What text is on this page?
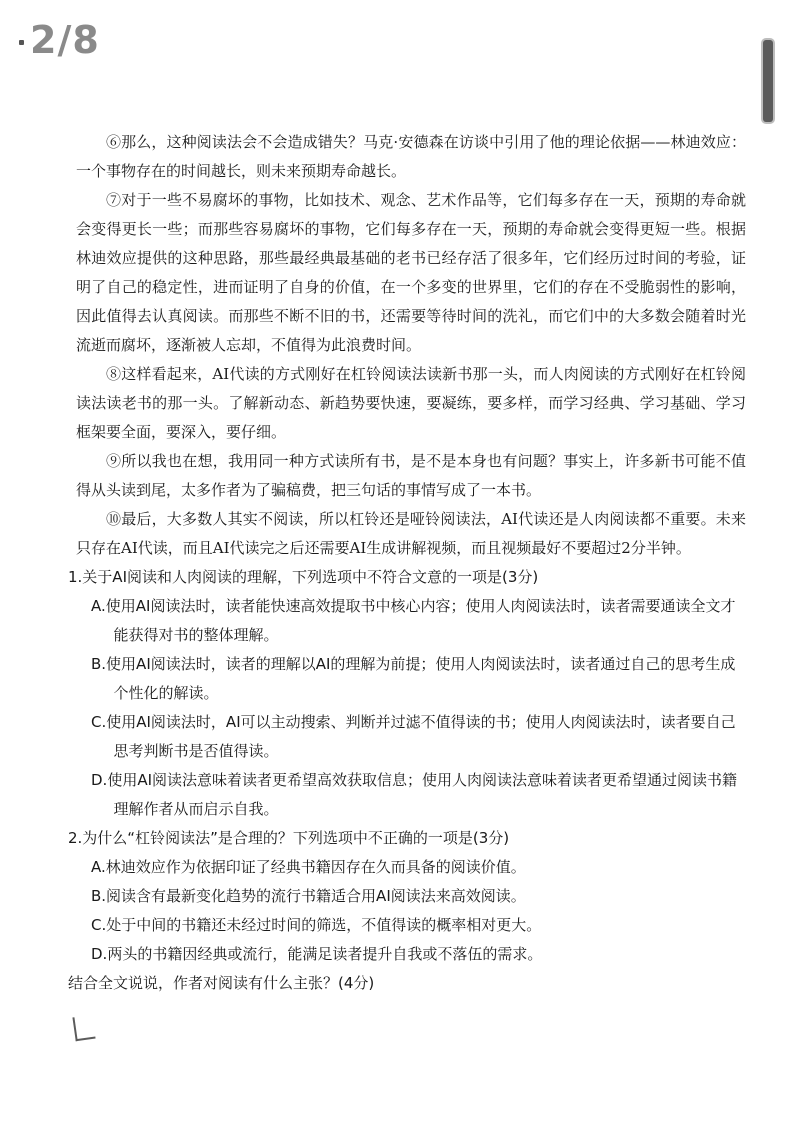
2/8

⑥那么，这种阅读法会不会造成错失？马克·安德森在访谈中引用了他的理论依据——林迪效应：一个事物存在的时间越长，则未来预期寿命越长。

⑦对于一些不易腐坏的事物，比如技术、观念、艺术作品等，它们每多存在一天，预期的寿命就会变得更长一些；而那些容易腐坏的事物，它们每多存在一天，预期的寿命就会变得更短一些。根据林迪效应提供的这种思路，那些最经典最基础的老书已经存活了很多年，它们经历过时间的考验，证明了自己的稳定性，进而证明了自身的价值，在一个多变的世界里，它们的存在不受脆弱性的影响，因此值得去认真阅读。而那些不断不旧的书，还需要等待时间的洗礼，而它们中的大多数会随着时光流逝而腐坏，逐渐被人忘却，不值得为此浪费时间。

⑧这样看起来，AI代读的方式刚好在杠铃阅读法读新书那一头，而人肉阅读的方式刚好在杠铃阅读法读老书的那一头。了解新动态、新趋势要快速，要凝练，要多样，而学习经典、学习基础、学习框架要全面，要深入，要仔细。

⑨所以我也在想，我用同一种方式读所有书，是不是本身也有问题？事实上，许多新书可能不值得从头读到尾，太多作者为了骗稿费，把三句话的事情写成了一本书。

⑩最后，大多数人其实不阅读，所以杠铃还是哑铃阅读法，AI代读还是人肉阅读都不重要。未来只存在AI代读，而且AI代读完之后还需要AI生成讲解视频，而且视频最好不要超过2分半钟。

1.关于AI阅读和人肉阅读的理解，下列选项中不符合文意的一项是(3分)

A.使用AI阅读法时，读者能快速高效提取书中核心内容；使用人肉阅读法时，读者需要通读全文才能获得对书的整体理解。

B.使用AI阅读法时，读者的理解以AI的理解为前提；使用人肉阅读法时，读者通过自己的思考生成个性化的解读。

C.使用AI阅读法时，AI可以主动搜索、判断并过滤不值得读的书；使用人肉阅读法时，读者要自己思考判断书是否值得读。

D.使用AI阅读法意味着读者更希望高效获取信息；使用人肉阅读法意味着读者更希望通过阅读书籍理解作者从而启示自我。

2.为什么“杠铃阅读法”是合理的？下列选项中不正确的一项是(3分)

A.林迪效应作为依据印证了经典书籍因存在久而具备的阅读价值。

B.阅读含有最新变化趋势的流行书籍适合用AI阅读法来高效阅读。

C.处于中间的书籍还未经过时间的筛选，不值得读的概率相对更大。

D.两头的书籍因经典或流行，能满足读者提升自我或不落伍的需求。

结合全文说说，作者对阅读有什么主张？(4分)
